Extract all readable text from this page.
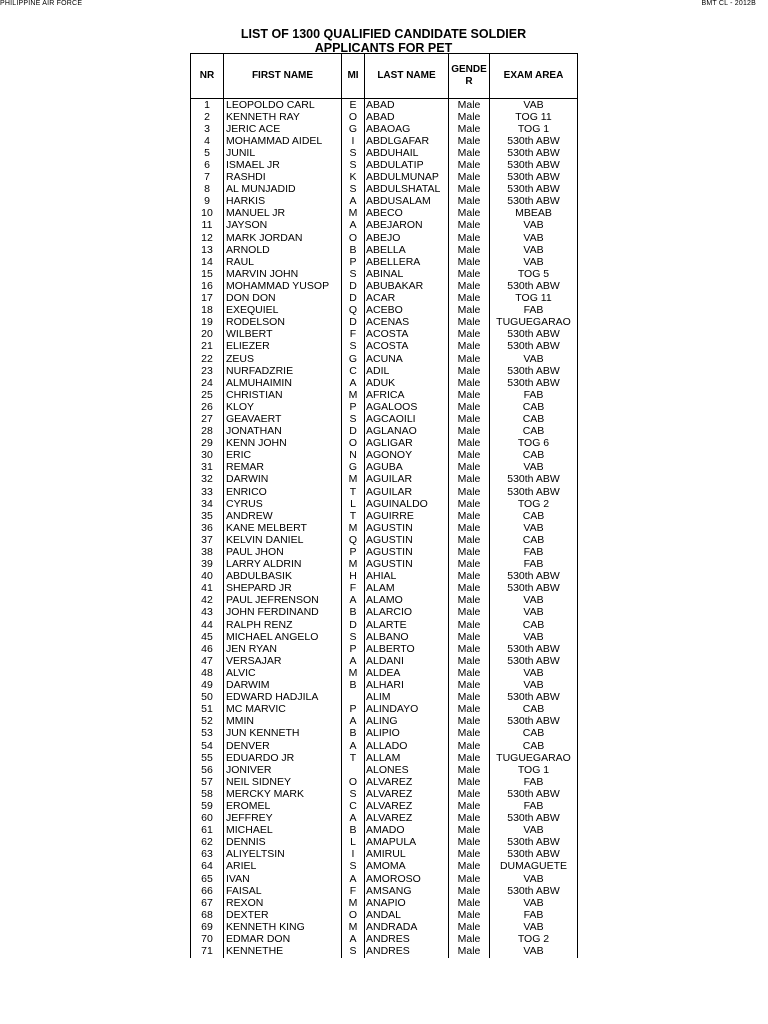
PHILIPPINE AIR FORCE	BMT CL - 2012B
LIST OF 1300 QUALIFIED CANDIDATE SOLDIER
APPLICANTS FOR PET
NR	FIRST NAME	MI	LAST NAME	GENDE R	EXAM AREA
1	LEOPOLDO CARL	E	ABAD	Male	VAB
2	KENNETH RAY	O	ABAD	Male	TOG 11
3	JERIC ACE	G	ABAOAG	Male	TOG 1
4	MOHAMMAD AIDEL	I	ABDLGAFAR	Male	530th ABW
5	JUNIL	S	ABDUHAIL	Male	530th ABW
6	ISMAEL JR	S	ABDULATIP	Male	530th ABW
7	RASHDI	K	ABDULMUNAP	Male	530th ABW
8	AL MUNJADID	S	ABDULSHATAL	Male	530th ABW
9	HARKIS	A	ABDUSALAM	Male	530th ABW
10	MANUEL JR	M	ABECO	Male	MBEAB
11	JAYSON	A	ABEJARON	Male	VAB
12	MARK JORDAN	O	ABEJO	Male	VAB
13	ARNOLD	B	ABELLA	Male	VAB
14	RAUL	P	ABELLERA	Male	VAB
15	MARVIN JOHN	S	ABINAL	Male	TOG 5
16	MOHAMMAD YUSOP	D	ABUBAKAR	Male	530th ABW
17	DON DON	D	ACAR	Male	TOG 11
18	EXEQUIEL	Q	ACEBO	Male	FAB
19	RODELSON	D	ACENAS	Male	TUGUEGARAO
20	WILBERT	F	ACOSTA	Male	530th ABW
21	ELIEZER	S	ACOSTA	Male	530th ABW
22	ZEUS	G	ACUNA	Male	VAB
23	NURFADZRIE	C	ADIL	Male	530th ABW
24	ALMUHAIMIN	A	ADUK	Male	530th ABW
25	CHRISTIAN	M	AFRICA	Male	FAB
26	KLOY	P	AGALOOS	Male	CAB
27	GEAVAERT	S	AGCAOILI	Male	CAB
28	JONATHAN	D	AGLANAO	Male	CAB
29	KENN JOHN	O	AGLIGAR	Male	TOG 6
30	ERIC	N	AGONOY	Male	CAB
31	REMAR	G	AGUBA	Male	VAB
32	DARWIN	M	AGUILAR	Male	530th ABW
33	ENRICO	T	AGUILAR	Male	530th ABW
34	CYRUS	L	AGUINALDO	Male	TOG 2
35	ANDREW	T	AGUIRRE	Male	CAB
36	KANE MELBERT	M	AGUSTIN	Male	VAB
37	KELVIN DANIEL	Q	AGUSTIN	Male	CAB
38	PAUL JHON	P	AGUSTIN	Male	FAB
39	LARRY ALDRIN	M	AGUSTIN	Male	FAB
40	ABDULBASIK	H	AHIAL	Male	530th ABW
41	SHEPARD JR	F	ALAM	Male	530th ABW
42	PAUL JEFRENSON	A	ALAMO	Male	VAB
43	JOHN FERDINAND	B	ALARCIO	Male	VAB
44	RALPH RENZ	D	ALARTE	Male	CAB
45	MICHAEL ANGELO	S	ALBANO	Male	VAB
46	JEN RYAN	P	ALBERTO	Male	530th ABW
47	VERSAJAR	A	ALDANI	Male	530th ABW
48	ALVIC	M	ALDEA	Male	VAB
49	DARWIM	B	ALHARI	Male	VAB
50	EDWARD HADJILA		ALIM	Male	530th ABW
51	MC MARVIC	P	ALINDAYO	Male	CAB
52	MMIN	A	ALING	Male	530th ABW
53	JUN KENNETH	B	ALIPIO	Male	CAB
54	DENVER	A	ALLADO	Male	CAB
55	EDUARDO JR	T	ALLAM	Male	TUGUEGARAO
56	JONIVER		ALONES	Male	TOG 1
57	NEIL SIDNEY	O	ALVAREZ	Male	FAB
58	MERCKY MARK	S	ALVAREZ	Male	530th ABW
59	EROMEL	C	ALVAREZ	Male	FAB
60	JEFFREY	A	ALVAREZ	Male	530th ABW
61	MICHAEL	B	AMADO	Male	VAB
62	DENNIS	L	AMAPULA	Male	530th ABW
63	ALIYELTSIN	I	AMIRUL	Male	530th ABW
64	ARIEL	S	AMOMA	Male	DUMAGUETE
65	IVAN	A	AMOROSO	Male	VAB
66	FAISAL	F	AMSANG	Male	530th ABW
67	REXON	M	ANAPIO	Male	VAB
68	DEXTER	O	ANDAL	Male	FAB
69	KENNETH KING	M	ANDRADA	Male	VAB
70	EDMAR DON	A	ANDRES	Male	TOG 2
71	KENNETHE	S	ANDRES	Male	VAB
